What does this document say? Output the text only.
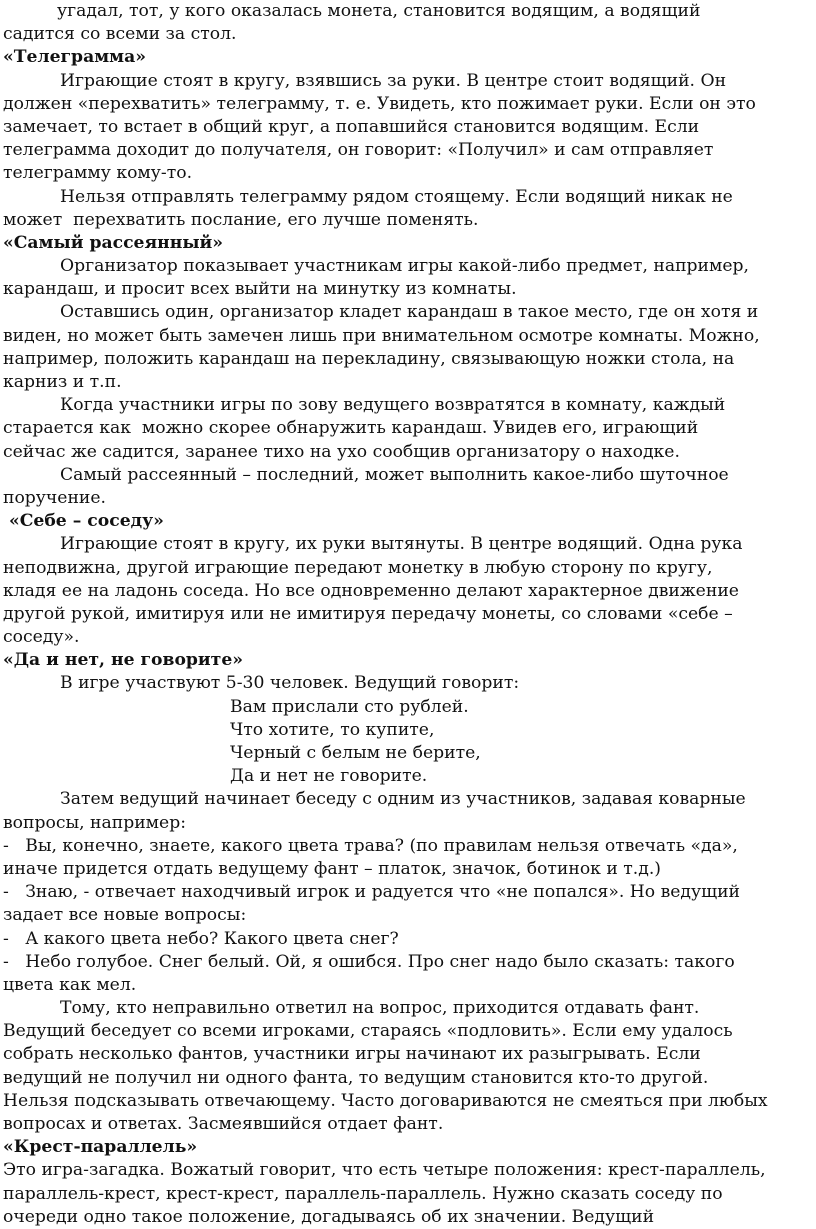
угадал, тот, у кого оказалась монета, становится водящим, а водящий
садится со всеми за стол.
«Телеграмма»
Играющие стоят в кругу, взявшись за руки. В центре стоит водящий. Он
должен «перехватить» телеграмму, т. е. Увидеть, кто пожимает руки. Если он это
замечает, то встает в общий круг, а попавшийся становится водящим. Если
телеграмма доходит до получателя, он говорит: «Получил» и сам отправляет
телеграмму кому-то.
Нельзя отправлять телеграмму рядом стоящему. Если водящий никак не
может  перехватить послание, его лучше поменять.
«Самый рассеянный»
Организатор показывает участникам игры какой-либо предмет, например,
карандаш, и просит всех выйти на минутку из комнаты.
Оставшись один, организатор кладет карандаш в такое место, где он хотя и
виден, но может быть замечен лишь при внимательном осмотре комнаты. Можно,
например, положить карандаш на перекладину, связывающую ножки стола, на
карниз и т.п.
Когда участники игры по зову ведущего возвратятся в комнату, каждый
старается как  можно скорее обнаружить карандаш. Увидев его, играющий
сейчас же садится, заранее тихо на ухо сообщив организатору о находке.
Самый рассеянный – последний, может выполнить какое-либо шуточное
поручение.
«Себе – соседу»
Играющие стоят в кругу, их руки вытянуты. В центре водящий. Одна рука
неподвижна, другой играющие передают монетку в любую сторону по кругу,
кладя ее на ладонь соседа. Но все одновременно делают характерное движение
другой рукой, имитируя или не имитируя передачу монеты, со словами «себе –
соседу».
«Да и нет, не говорите»
В игре участвуют 5-30 человек. Ведущий говорит:
Вам прислали сто рублей.
Что хотите, то купите,
Черный с белым не берите,
Да и нет не говорите.
Затем ведущий начинает беседу с одним из участников, задавая коварные
вопросы, например:
-   Вы, конечно, знаете, какого цвета трава? (по правилам нельзя отвечать «да»,
иначе придется отдать ведущему фант – платок, значок, ботинок и т.д.)
-   Знаю, - отвечает находчивый игрок и радуется что «не попался». Но ведущий
задает все новые вопросы:
-   А какого цвета небо? Какого цвета снег?
-   Небо голубое. Снег белый. Ой, я ошибся. Про снег надо было сказать: такого
цвета как мел.
Тому, кто неправильно ответил на вопрос, приходится отдавать фант.
Ведущий беседует со всеми игроками, стараясь «подловить». Если ему удалось
собрать несколько фантов, участники игры начинают их разыгрывать. Если
ведущий не получил ни одного фанта, то ведущим становится кто-то другой.
Нельзя подсказывать отвечающему. Часто договариваются не смеяться при любых
вопросах и ответах. Засмеявшийся отдает фант.
«Крест-параллель»
Это игра-загадка. Вожатый говорит, что есть четыре положения: крест-параллель,
параллель-крест, крест-крест, параллель-параллель. Нужно сказать соседу по
очереди одно такое положение, догадываясь об их значении. Ведущий
